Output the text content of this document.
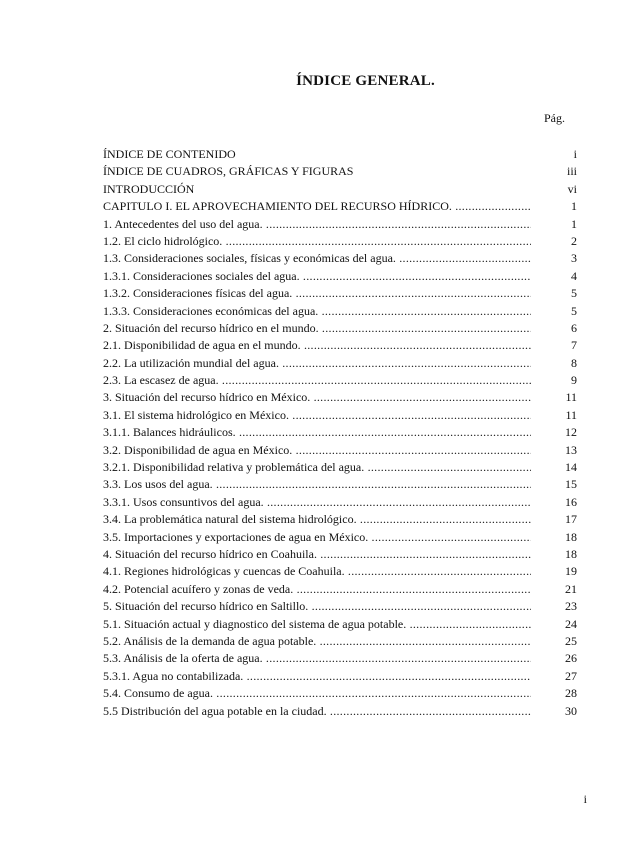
ÍNDICE GENERAL.
Pág.
ÍNDICE DE CONTENIDO	i
ÍNDICE DE CUADROS, GRÁFICAS Y FIGURAS	iii
INTRODUCCIÓN	vi
CAPITULO I. EL APROVECHAMIENTO DEL RECURSO HÍDRICO. .....	1
1. Antecedentes del uso del agua. .....	1
1.2. El ciclo hidrológico. .....	2
1.3. Consideraciones sociales, físicas y económicas del agua. .....	3
1.3.1. Consideraciones sociales del agua. .....	4
1.3.2. Consideraciones físicas del agua. .....	5
1.3.3. Consideraciones económicas del agua. .....	5
2. Situación del recurso hídrico en el mundo. .....	6
2.1. Disponibilidad de agua en el mundo. .....	7
2.2. La utilización mundial del agua. .....	8
2.3. La escasez de agua. .....	9
3. Situación del recurso hídrico en México. .....	11
3.1. El sistema hidrológico en México. .....	11
3.1.1. Balances hidráulicos. .....	12
3.2. Disponibilidad de agua en México. .....	13
3.2.1. Disponibilidad relativa y problemática del agua. .....	14
3.3. Los usos del agua. .....	15
3.3.1. Usos consuntivos del agua. .....	16
3.4. La problemática natural del sistema hidrológico. .....	17
3.5. Importaciones y exportaciones de agua en México. .....	18
4. Situación del recurso hídrico en Coahuila. .....	18
4.1. Regiones hidrológicas y cuencas de Coahuila. .....	19
4.2. Potencial acuífero y zonas de veda. .....	21
5. Situación del recurso hídrico en Saltillo. .....	23
5.1. Situación actual y diagnostico del sistema de agua potable. .....	24
5.2. Análisis de la demanda de agua potable. .....	25
5.3. Análisis de la oferta de agua. .....	26
5.3.1. Agua no contabilizada. .....	27
5.4. Consumo de agua. .....	28
5.5 Distribución del agua potable en la ciudad. .....	30
i
